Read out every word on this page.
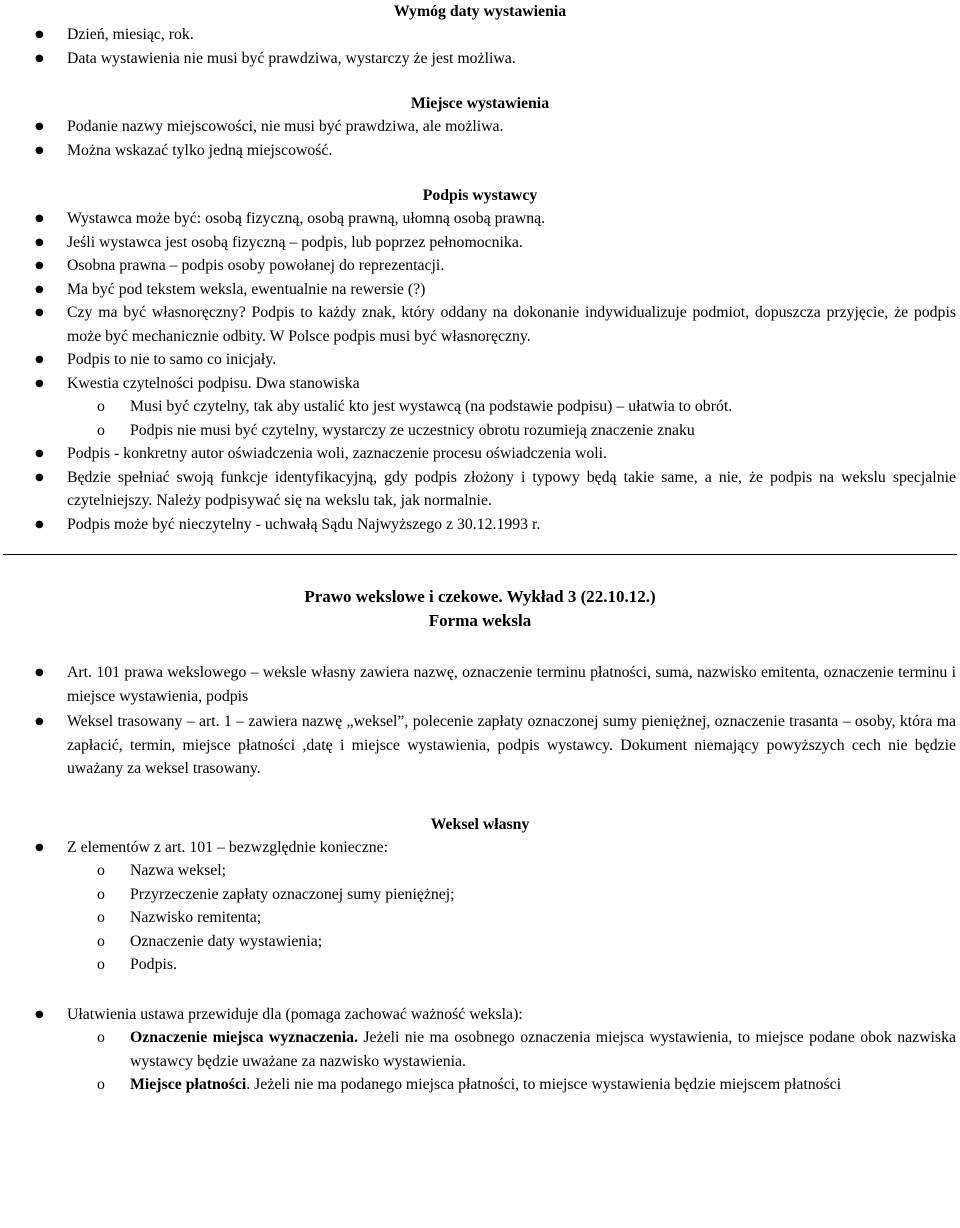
Wymóg daty wystawienia

● Dzień, miesiąc, rok.
● Data wystawienia nie musi być prawdziwa, wystarczy że jest możliwa.

Miejsce wystawienia

● Podanie nazwy miejscowości, nie musi być prawdziwa, ale możliwa.
● Można wskazać tylko jedną miejscowość.

Podpis wystawcy

● Wystawca może być: osobą fizyczną, osobą prawną, ułomną osobą prawną.
● Jeśli wystawca jest osobą fizyczną – podpis, lub poprzez pełnomocnika.
● Osobna prawna – podpis osoby powołanej do reprezentacji.
● Ma być pod tekstem weksla, ewentualnie na rewersie (?)
● Czy ma być własnoręczny? Podpis to każdy znak, który oddany na dokonanie indywidualizuje podmiot, dopuszcza przyjęcie, że podpis może być mechanicznie odbity. W Polsce podpis musi być własnoręczny.
● Podpis to nie to samo co inicjały.
● Kwestia czytelności podpisu. Dwa stanowiska
o Musi być czytelny, tak aby ustalić kto jest wystawcą (na podstawie podpisu) – ułatwia to obrót.
o Podpis nie musi być czytelny, wystarczy ze uczestnicy obrotu rozumieją znaczenie znaku
● Podpis - konkretny autor oświadczenia woli, zaznaczenie procesu oświadczenia woli.
● Będzie spełniać swoją funkcje identyfikacyjną, gdy podpis złożony i typowy będą takie same, a nie, że podpis na wekslu specjalnie czytelniejszy. Należy podpisywać się na wekslu tak, jak normalnie.
● Podpis może być nieczytelny - uchwałą Sądu Najwyższego z 30.12.1993 r.

Prawo wekslowe i czekowe. Wykład 3 (22.10.12.)

Forma weksla

● Art. 101 prawa wekslowego – weksle własny zawiera nazwę, oznaczenie terminu płatności, suma, nazwisko emitenta, oznaczenie terminu i miejsce wystawienia, podpis
● Weksel trasowany – art. 1 – zawiera nazwę „weksel”, polecenie zapłaty oznaczonej sumy pieniężnej, oznaczenie trasanta – osoby, która ma zapłacić, termin, miejsce płatności ,datę i miejsce wystawienia, podpis wystawcy. Dokument niemający powyższych cech nie będzie uważany za weksel trasowany.

Weksel własny

● Z elementów z art. 101 – bezwzględnie konieczne:
o Nazwa weksel;
o Przyrzeczenie zapłaty oznaczonej sumy pieniężnej;
o Nazwisko remitenta;
o Oznaczenie daty wystawienia;
o Podpis.
● Ułatwienia ustawa przewiduje dla (pomaga zachować ważność weksla):
o Oznaczenie miejsca wyznaczenia. Jeżeli nie ma osobnego oznaczenia miejsca wystawienia, to miejsce podane obok nazwiska wystawcy będzie uważane za nazwisko wystawienia.
o Miejsce płatności. Jeżeli nie ma podanego miejsca płatności, to miejsce wystawienia będzie miejscem płatności
